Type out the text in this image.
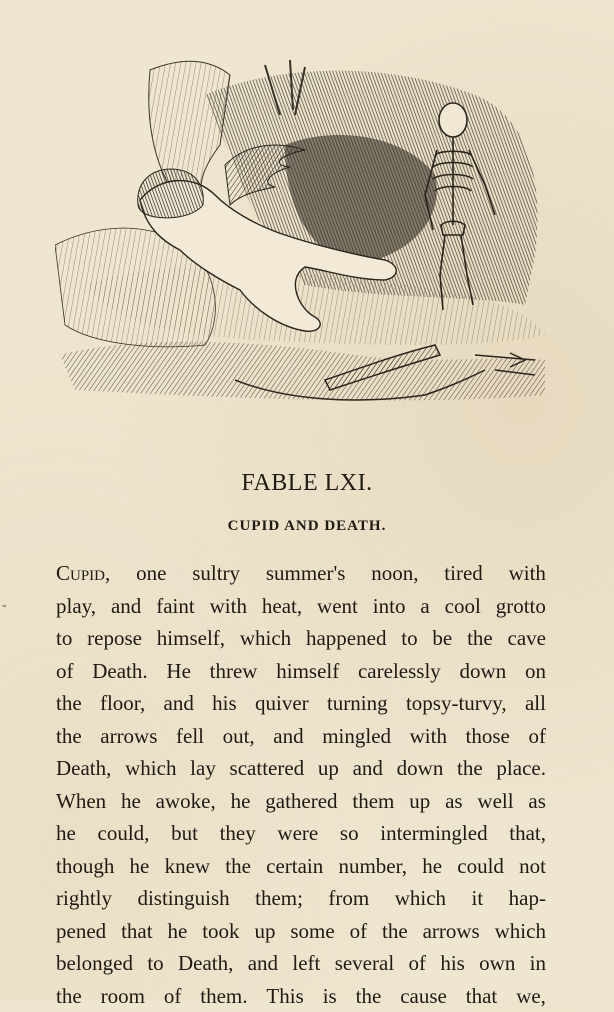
FABLE LXI.
CUPID AND DEATH.
-
Cupid, one sultry summer's noon, tired with
play, and faint with heat, went into a cool grotto
to repose himself, which happened to be the cave
of Death. He threw himself carelessly down on
the floor, and his quiver turning topsy-turvy, all
the arrows fell out, and mingled with those of
Death, which lay scattered up and down the place.
When he awoke, he gathered them up as well as
he could, but they were so intermingled that,
though he knew the certain number, he could not
rightly distinguish them; from which it hap-
pened that he took up some of the arrows which
belonged to Death, and left several of his own in
the room of them. This is the cause that we,
